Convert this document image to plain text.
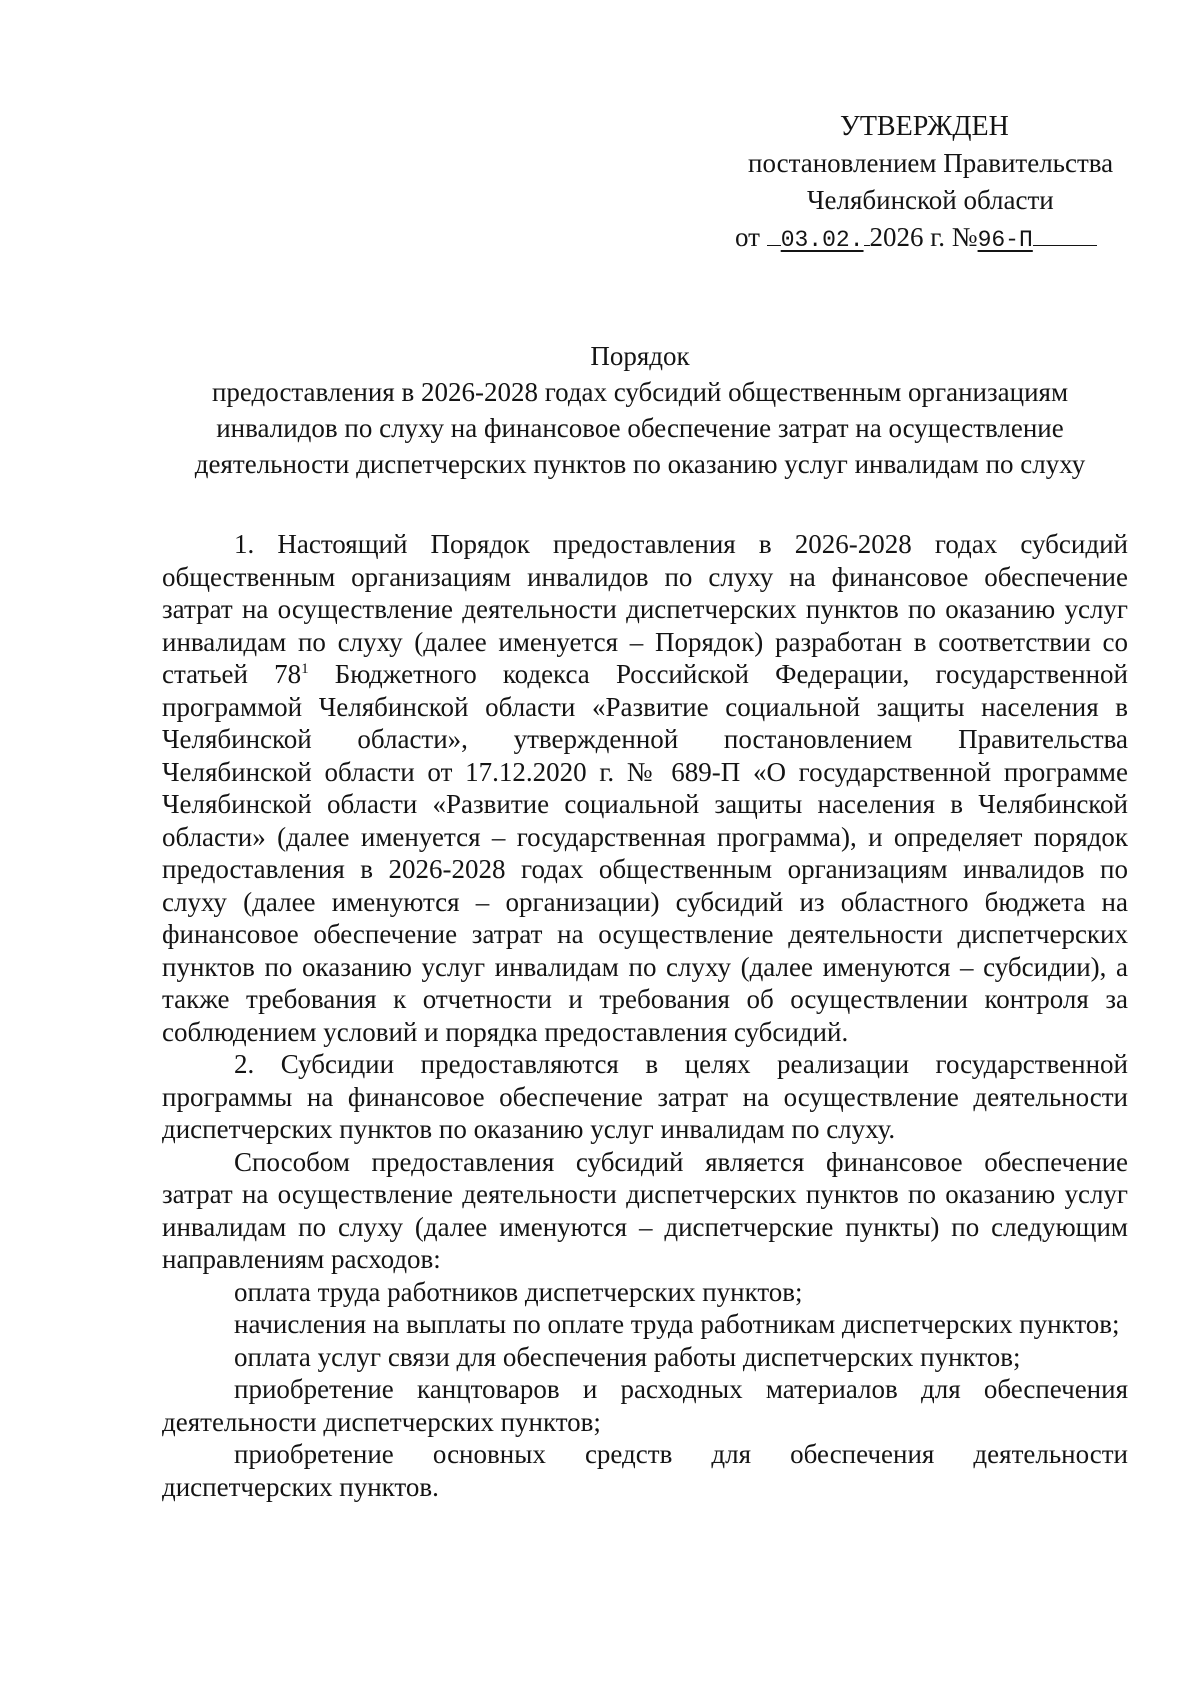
УТВЕРЖДЕН
постановлением Правительства
Челябинской области
от 03.02. 2026 г. №96-П
Порядок
предоставления в 2026-2028 годах субсидий общественным организациям инвалидов по слуху на финансовое обеспечение затрат на осуществление деятельности диспетчерских пунктов по оказанию услуг инвалидам по слуху

1. Настоящий Порядок предоставления в 2026-2028 годах субсидий общественным организациям инвалидов по слуху на финансовое обеспечение затрат на осуществление деятельности диспетчерских пунктов по оказанию услуг инвалидам по слуху (далее именуется – Порядок) разработан в соответствии со статьей $78^1$ Бюджетного кодекса Российской Федерации, государственной программой Челябинской области «Развитие социальной защиты населения в Челябинской области», утвержденной постановлением Правительства Челябинской области от 17.12.2020 г. № 689-П «О государственной программе Челябинской области «Развитие социальной защиты населения в Челябинской области» (далее именуется – государственная программа), и определяет порядок предоставления в 2026-2028 годах общественным организациям инвалидов по слуху (далее именуются – организации) субсидий из областного бюджета на финансовое обеспечение затрат на осуществление деятельности диспетчерских пунктов по оказанию услуг инвалидам по слуху (далее именуются – субсидии), а также требования к отчетности и требования об осуществлении контроля за соблюдением условий и порядка предоставления субсидий.

2. Субсидии предоставляются в целях реализации государственной программы на финансовое обеспечение затрат на осуществление деятельности диспетчерских пунктов по оказанию услуг инвалидам по слуху.

Способом предоставления субсидий является финансовое обеспечение затрат на осуществление деятельности диспетчерских пунктов по оказанию услуг инвалидам по слуху (далее именуются – диспетчерские пункты) по следующим направлениям расходов:

оплата труда работников диспетчерских пунктов;

начисления на выплаты по оплате труда работникам диспетчерских пунктов;

оплата услуг связи для обеспечения работы диспетчерских пунктов;

приобретение канцтоваров и расходных материалов для обеспечения деятельности диспетчерских пунктов;

приобретение основных средств для обеспечения деятельности диспетчерских пунктов.
